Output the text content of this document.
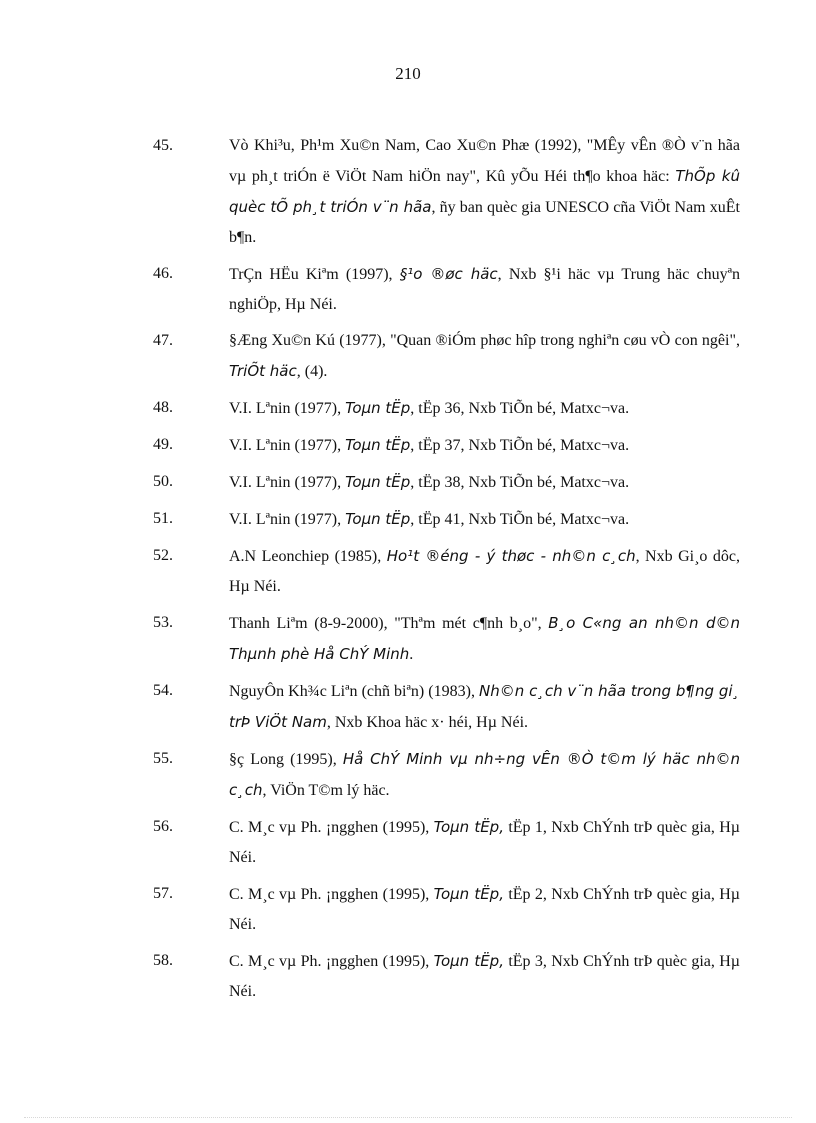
210
45.	Vò Khi³u, Ph¹m Xu©n Nam, Cao Xu©n Phæ (1992), "MÊy vÊn ®Ò v¨n hãa vµ ph¸t triÓn ë ViÖt Nam hiÖn nay", Kû yÕu Héi th¶o khoa häc: ThÕp kû quèc tÕ ph¸t triÓn v¨n hãa, ñy ban quèc gia UNESCO cña ViÖt Nam xuÊt b¶n.
46.	TrÇn HËu Kiªm (1997), §¹o ®øc häc, Nxb §¹i häc vµ Trung häc chuyªn nghiÖp, Hµ Néi.
47.	§Æng Xu©n Kú (1977), "Quan ®iÓm phøc hîp trong nghiªn cøu vÒ con ngêi", TriÕt häc, (4).
48.	V.I. Lªnin (1977), Toµn tËp, tËp 36, Nxb TiÕn bé, Matxc¬va.
49.	V.I. Lªnin (1977), Toµn tËp, tËp 37, Nxb TiÕn bé, Matxc¬va.
50.	V.I. Lªnin (1977), Toµn tËp, tËp 38, Nxb TiÕn bé, Matxc¬va.
51.	V.I. Lªnin (1977), Toµn tËp, tËp 41, Nxb TiÕn bé, Matxc¬va.
52.	A.N Leonchiep (1985), Ho¹t ®éng - ý thøc - nh©n c¸ch, Nxb Gi¸o dôc, Hµ Néi.
53.	Thanh Liªm (8-9-2000), "Thªm mét c¶nh b¸o", B¸o C«ng an nh©n d©n Thµnh phè Hå ChÝ Minh.
54.	NguyÔn Kh¾c Liªn (chñ biªn) (1983), Nh©n c¸ch v¨n hãa trong b¶ng gi¸ trÞ ViÖt Nam, Nxb Khoa häc x· héi, Hµ Néi.
55.	§ç Long (1995), Hå ChÝ Minh vµ nh÷ng vÊn ®Ò t©m lý häc nh©n c¸ch, ViÖn T©m lý häc.
56.	C. M¸c vµ Ph. ¡ngghen (1995), Toµn tËp, tËp 1, Nxb ChÝnh trÞ quèc gia, Hµ Néi.
57.	C. M¸c vµ Ph. ¡ngghen (1995), Toµn tËp, tËp 2, Nxb ChÝnh trÞ quèc gia, Hµ Néi.
58.	C. M¸c vµ Ph. ¡ngghen (1995), Toµn tËp, tËp 3, Nxb ChÝnh trÞ quèc gia, Hµ Néi.
